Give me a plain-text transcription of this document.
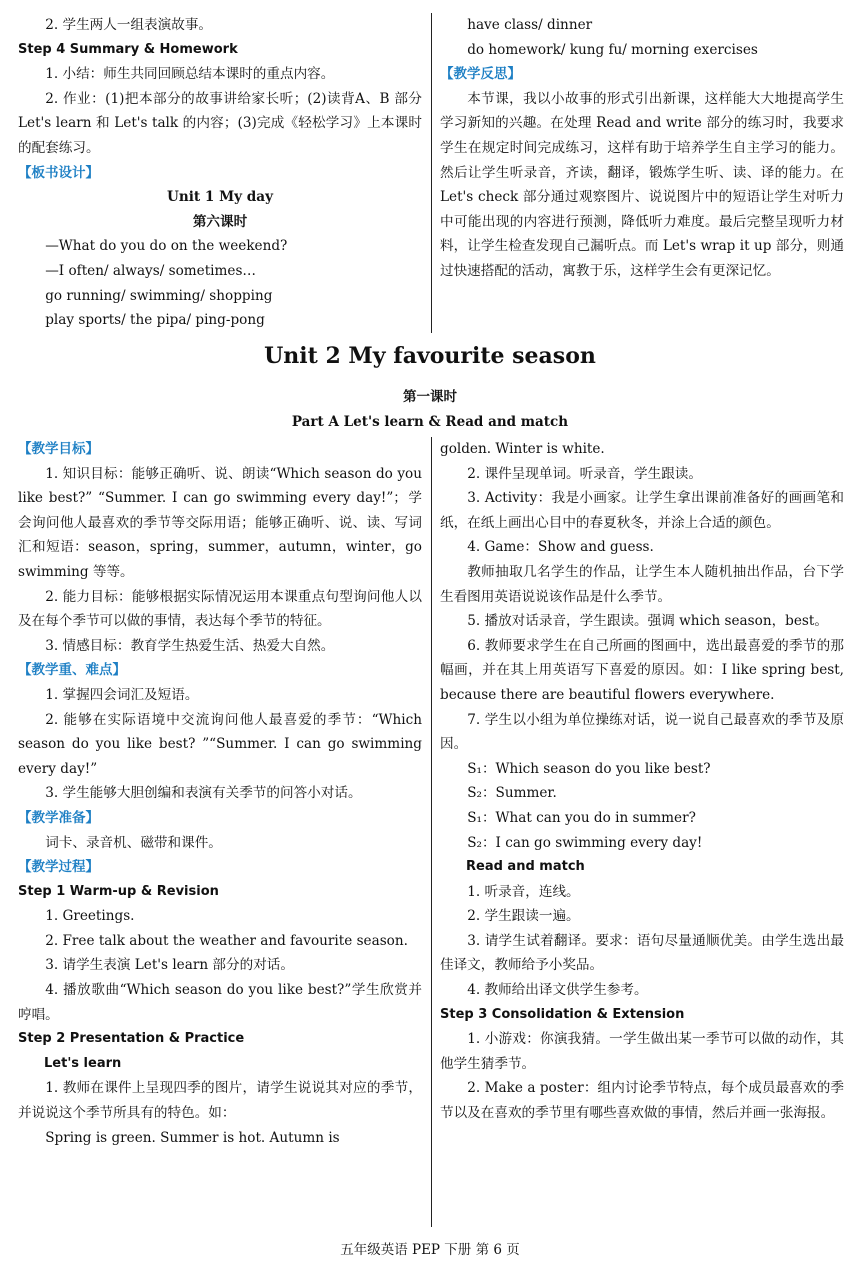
2. 学生两人一组表演故事。

Step 4 Summary & Homework

1. 小结：师生共同回顾总结本课时的重点内容。

2. 作业：(1)把本部分的故事讲给家长听；(2)读背A、B 部分 Let's learn 和 Let's talk 的内容；(3)完成《轻松学习》上本课时的配套练习。

【板书设计】

Unit 1 My day

第六课时

—What do you do on the weekend?

—I often/ always/ sometimes…

go running/ swimming/ shopping

play sports/ the pipa/ ping-pong

have class/ dinner

do homework/ kung fu/ morning exercises

【教学反思】

本节课，我以小故事的形式引出新课，这样能大大地提高学生学习新知的兴趣。在处理 Read and write 部分的练习时，我要求学生在规定时间完成练习，这样有助于培养学生自主学习的能力。然后让学生听录音，齐读，翻译，锻炼学生听、读、译的能力。在 Let's check 部分通过观察图片、说说图片中的短语让学生对听力中可能出现的内容进行预测，降低听力难度。最后完整呈现听力材料，让学生检查发现自己漏听点。而 Let's wrap it up 部分，则通过快速搭配的活动，寓教于乐，这样学生会有更深记忆。

Unit 2 My favourite season
第一课时
Part A Let's learn & Read and match

【教学目标】

1. 知识目标：能够正确听、说、朗读“Which season do you like best?” “Summer. I can go swimming every day!”；学会询问他人最喜欢的季节等交际用语；能够正确听、说、读、写词汇和短语：season，spring，summer，autumn，winter，go swimming 等等。

2. 能力目标：能够根据实际情况运用本课重点句型询问他人以及在每个季节可以做的事情，表达每个季节的特征。

3. 情感目标：教育学生热爱生活、热爱大自然。

【教学重、难点】

1. 掌握四会词汇及短语。

2. 能够在实际语境中交流询问他人最喜爱的季节：“Which season do you like best? ”“Summer. I can go swimming every day!”

3. 学生能够大胆创编和表演有关季节的问答小对话。

【教学准备】

词卡、录音机、磁带和课件。

【教学过程】

Step 1 Warm-up & Revision

1. Greetings.

2. Free talk about the weather and favourite season.

3. 请学生表演 Let's learn 部分的对话。

4. 播放歌曲“Which season do you like best?”学生欣赏并哼唱。

Step 2 Presentation & Practice

Let's learn

1. 教师在课件上呈现四季的图片，请学生说说其对应的季节，并说说这个季节所具有的特色。如：

Spring is green. Summer is hot. Autumn is

golden. Winter is white.

2. 课件呈现单词。听录音，学生跟读。

3. Activity：我是小画家。让学生拿出课前准备好的画画笔和纸，在纸上画出心目中的春夏秋冬，并涂上合适的颜色。

4. Game：Show and guess.

教师抽取几名学生的作品，让学生本人随机抽出作品，台下学生看图用英语说说该作品是什么季节。

5. 播放对话录音，学生跟读。强调 which season，best。

6. 教师要求学生在自己所画的图画中，选出最喜爱的季节的那幅画，并在其上用英语写下喜爱的原因。如：I like spring best, because there are beautiful flowers everywhere.

7. 学生以小组为单位操练对话，说一说自己最喜欢的季节及原因。

S₁：Which season do you like best?

S₂：Summer.

S₁：What can you do in summer?

S₂：I can go swimming every day!

Read and match

1. 听录音，连线。

2. 学生跟读一遍。

3. 请学生试着翻译。要求：语句尽量通顺优美。由学生选出最佳译文，教师给予小奖品。

4. 教师给出译文供学生参考。

Step 3 Consolidation & Extension

1. 小游戏：你演我猜。一学生做出某一季节可以做的动作，其他学生猜季节。

2. Make a poster：组内讨论季节特点，每个成员最喜欢的季节以及在喜欢的季节里有哪些喜欢做的事情，然后并画一张海报。

五年级英语 PEP 下册 第 6 页
